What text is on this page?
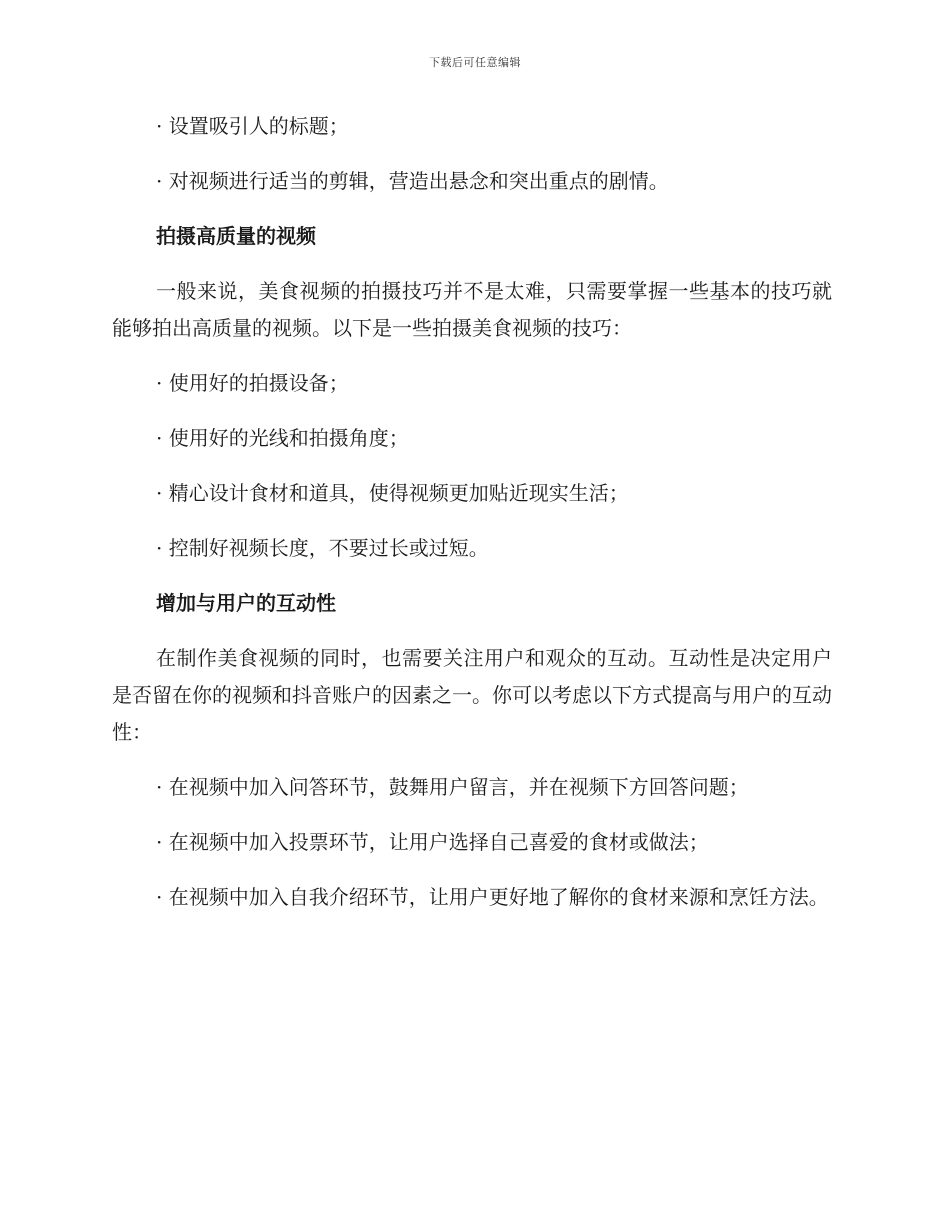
下载后可任意编辑

· 设置吸引人的标题；

· 对视频进行适当的剪辑，营造出悬念和突出重点的剧情。

拍摄高质量的视频

一般来说，美食视频的拍摄技巧并不是太难，只需要掌握一些基本的技巧就能够拍出高质量的视频。以下是一些拍摄美食视频的技巧：

· 使用好的拍摄设备；

· 使用好的光线和拍摄角度；

· 精心设计食材和道具，使得视频更加贴近现实生活；

· 控制好视频长度，不要过长或过短。

增加与用户的互动性

在制作美食视频的同时，也需要关注用户和观众的互动。互动性是决定用户是否留在你的视频和抖音账户的因素之一。你可以考虑以下方式提高与用户的互动性：

· 在视频中加入问答环节，鼓舞用户留言，并在视频下方回答问题；

· 在视频中加入投票环节，让用户选择自己喜爱的食材或做法；

· 在视频中加入自我介绍环节，让用户更好地了解你的食材来源和烹饪方法。
